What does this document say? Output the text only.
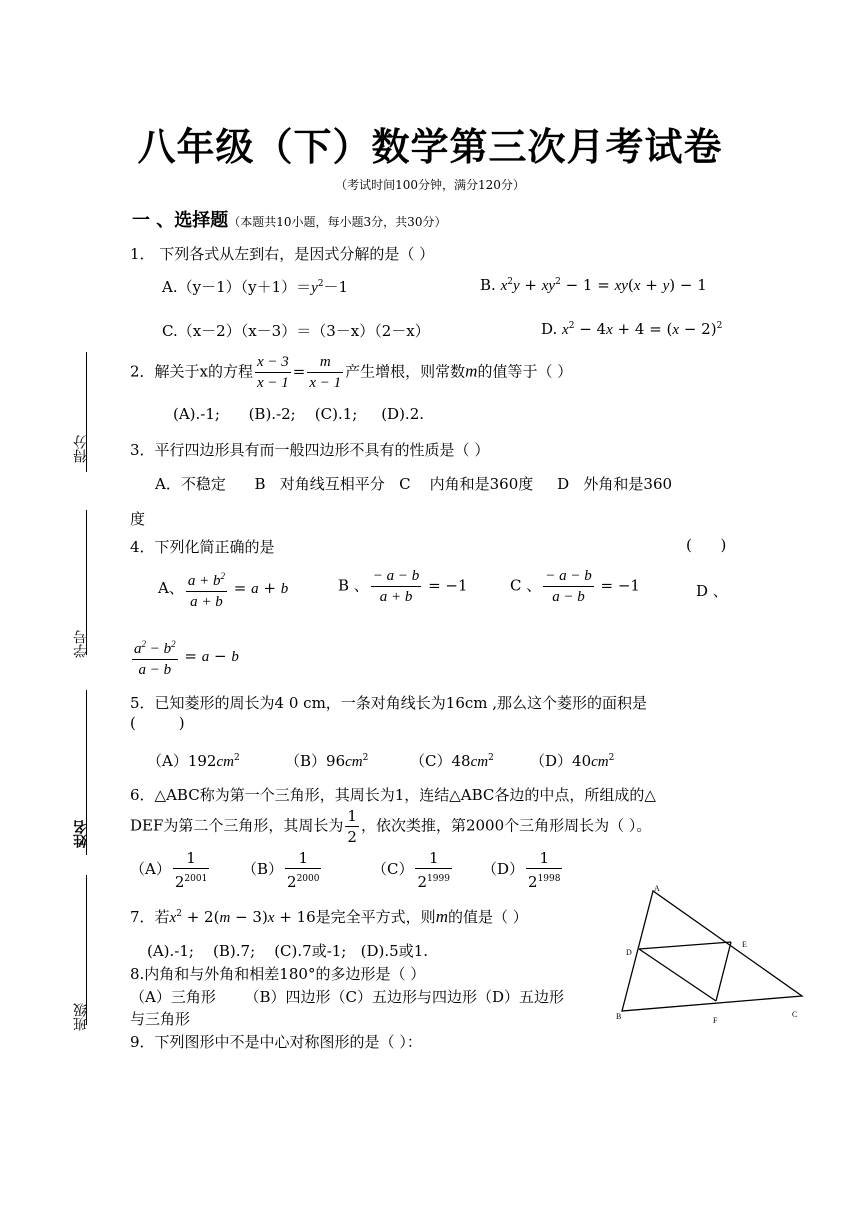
八年级（下）数学第三次月考试卷
（考试时间100分钟，满分120分）
一 、选择题（本题共10小题，每小题3分，共30分）
得分
学号
姓名
班级
1． 下列各式从左到右，是因式分解的是（ ）
$A.(y-1)(y+1)=y^2-1$	B. $x^2y + xy^2 - 1 = xy(x + y) - 1$
C.（x－2）（x－3）＝（3－x）（2－x）	D. $x^2 - 4x + 4 = (x - 2)^2$
2．解关于x的方程 $\frac{x - 3}{x - 1} = \frac{m}{x - 1}$ 产生增根，则常数m的值等于（ ）
(A).-1;      (B).-2;    (C).1;     (D).2.
3．平行四边形具有而一般四边形不具有的性质是（ ）
A．不稳定      B   对角线互相平分   C    内角和是360度     D   外角和是360
度
4．下列化简正确的是	(      )
A、 $\frac{a + b^2}{a + b} = a + b$	B 、 $\frac{- a - b}{a + b} = -1$	C 、 $\frac{- a - b}{a - b} = -1$	D 、
$\frac{a^2 - b^2}{a - b} = a - b$
5．已知菱形的周长为4 0 cm，一条对角线长为16cm ,那么这个菱形的面积是
(         )
$(A)192cm^2$	$(B)96cm^2$	$(C)48cm^2$ $(D)40cm^2$
6．△ABC称为第一个三角形，其周长为1，连结△ABC各边的中点，所组成的△
DEF为第二个三角形，其周长为 $\frac{1}{2}$ ，依次类推，第2000个三角形周长为（ ）。
$(A) \frac{1}{2^{2001}} (B) \frac{1}{2^{2000}}$	$(C) \frac{1}{2^{1999}} (D) \frac{1}{2^{1998}}$
7．若$x^2 + 2(m - 3)x + 16$是完全平方式，则m的值是（ ）
(A).-1;    (B).7;    (C).7或-1;   (D).5或1.
8.内角和与外角和相差180°的多边形是（ ）
（A）三角形      （B）四边形（C）五边形与四边形（D）五边形
与三角形
9．下列图形中不是中心对称图形的是（ ）：
A
D
E
B	F
C
